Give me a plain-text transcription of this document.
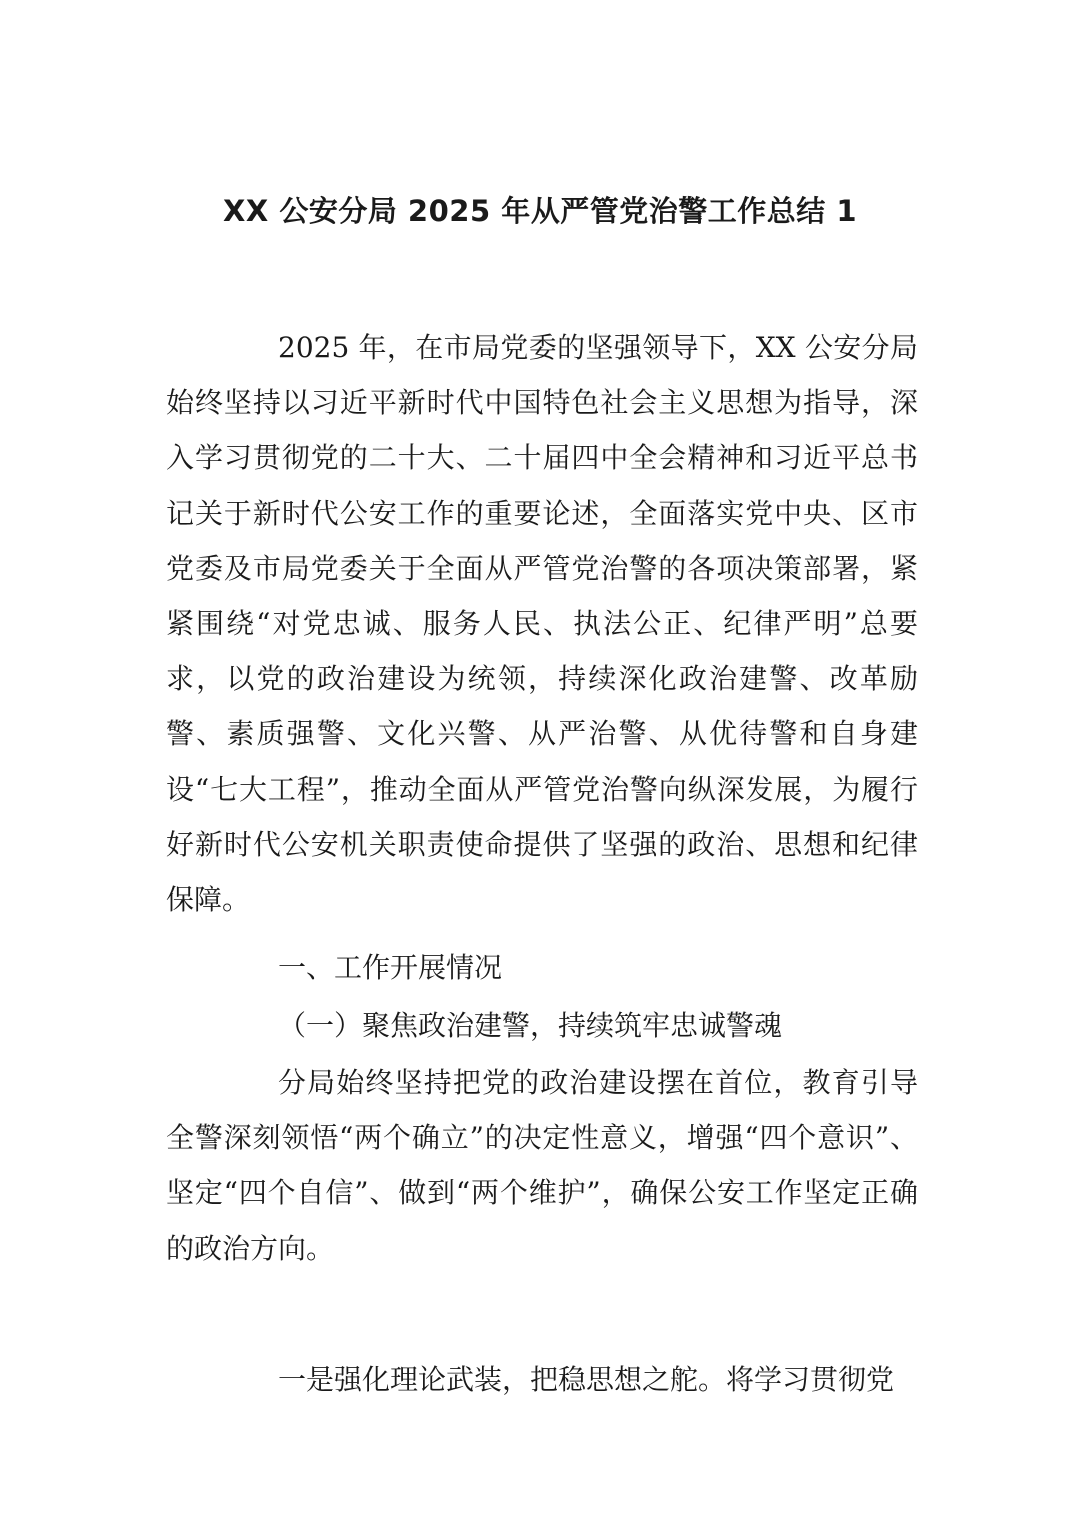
XX 公安分局 2025 年从严管党治警工作总结 1

2025 年，在市局党委的坚强领导下，XX 公安分局始终坚持以习近平新时代中国特色社会主义思想为指导，深入学习贯彻党的二十大、二十届四中全会精神和习近平总书记关于新时代公安工作的重要论述，全面落实党中央、区市党委及市局党委关于全面从严管党治警的各项决策部署，紧紧围绕“对党忠诚、服务人民、执法公正、纪律严明”总要求，以党的政治建设为统领，持续深化政治建警、改革励警、素质强警、文化兴警、从严治警、从优待警和自身建设“七大工程”，推动全面从严管党治警向纵深发展，为履行好新时代公安机关职责使命提供了坚强的政治、思想和纪律保障。

一、工作开展情况

（一）聚焦政治建警，持续筑牢忠诚警魂

分局始终坚持把党的政治建设摆在首位，教育引导全警深刻领悟“两个确立”的决定性意义，增强“四个意识”、坚定“四个自信”、做到“两个维护”，确保公安工作坚定正确的政治方向。

一是强化理论武装，把稳思想之舵。将学习贯彻党
